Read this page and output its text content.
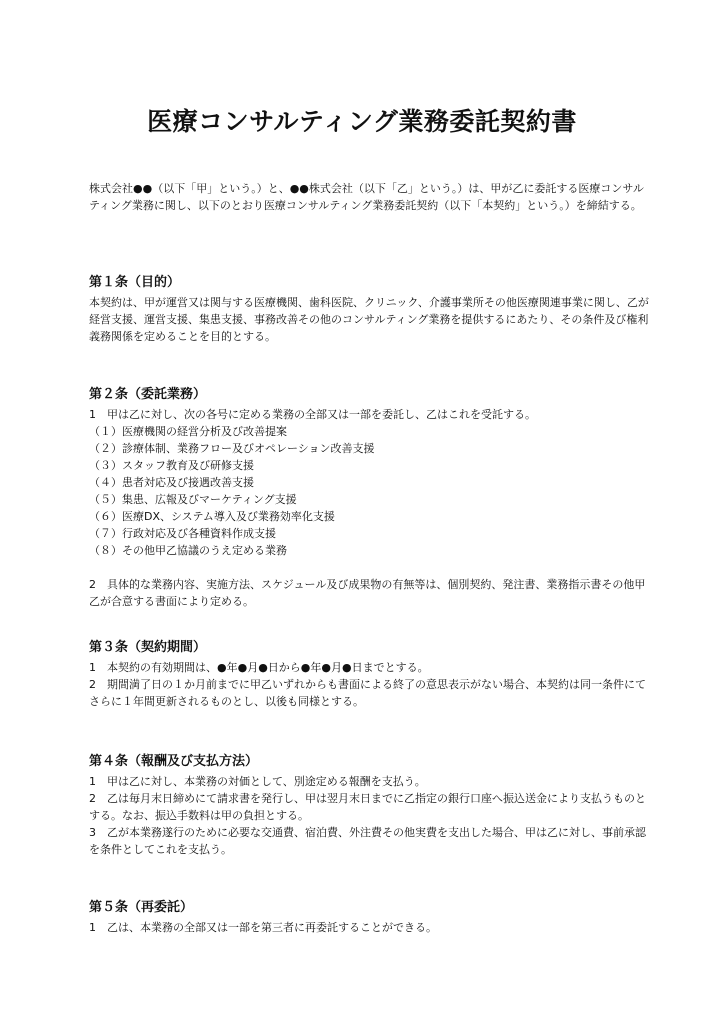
医療コンサルティング業務委託契約書

株式会社●●（以下「甲」という。）と、●●株式会社（以下「乙」という。）は、甲が乙に委託する医療コンサルティング業務に関し、以下のとおり医療コンサルティング業務委託契約（以下「本契約」という。）を締結する。

第１条（目的）

本契約は、甲が運営又は関与する医療機関、歯科医院、クリニック、介護事業所その他医療関連事業に関し、乙が経営支援、運営支援、集患支援、事務改善その他のコンサルティング業務を提供するにあたり、その条件及び権利義務関係を定めることを目的とする。

第２条（委託業務）

1　甲は乙に対し、次の各号に定める業務の全部又は一部を委託し、乙はこれを受託する。

（１）医療機関の経営分析及び改善提案
（２）診療体制、業務フロー及びオペレーション改善支援
（３）スタッフ教育及び研修支援
（４）患者対応及び接遇改善支援
（５）集患、広報及びマーケティング支援
（６）医療DX、システム導入及び業務効率化支援
（７）行政対応及び各種資料作成支援
（８）その他甲乙協議のうえ定める業務

2　具体的な業務内容、実施方法、スケジュール及び成果物の有無等は、個別契約、発注書、業務指示書その他甲乙が合意する書面により定める。

第３条（契約期間）

1　本契約の有効期間は、●年●月●日から●年●月●日までとする。

2　期間満了日の１か月前までに甲乙いずれからも書面による終了の意思表示がない場合、本契約は同一条件にてさらに１年間更新されるものとし、以後も同様とする。

第４条（報酬及び支払方法）

1　甲は乙に対し、本業務の対価として、別途定める報酬を支払う。

2　乙は毎月末日締めにて請求書を発行し、甲は翌月末日までに乙指定の銀行口座へ振込送金により支払うものとする。なお、振込手数料は甲の負担とする。

3　乙が本業務遂行のために必要な交通費、宿泊費、外注費その他実費を支出した場合、甲は乙に対し、事前承認を条件としてこれを支払う。

第５条（再委託）

1　乙は、本業務の全部又は一部を第三者に再委託することができる。
